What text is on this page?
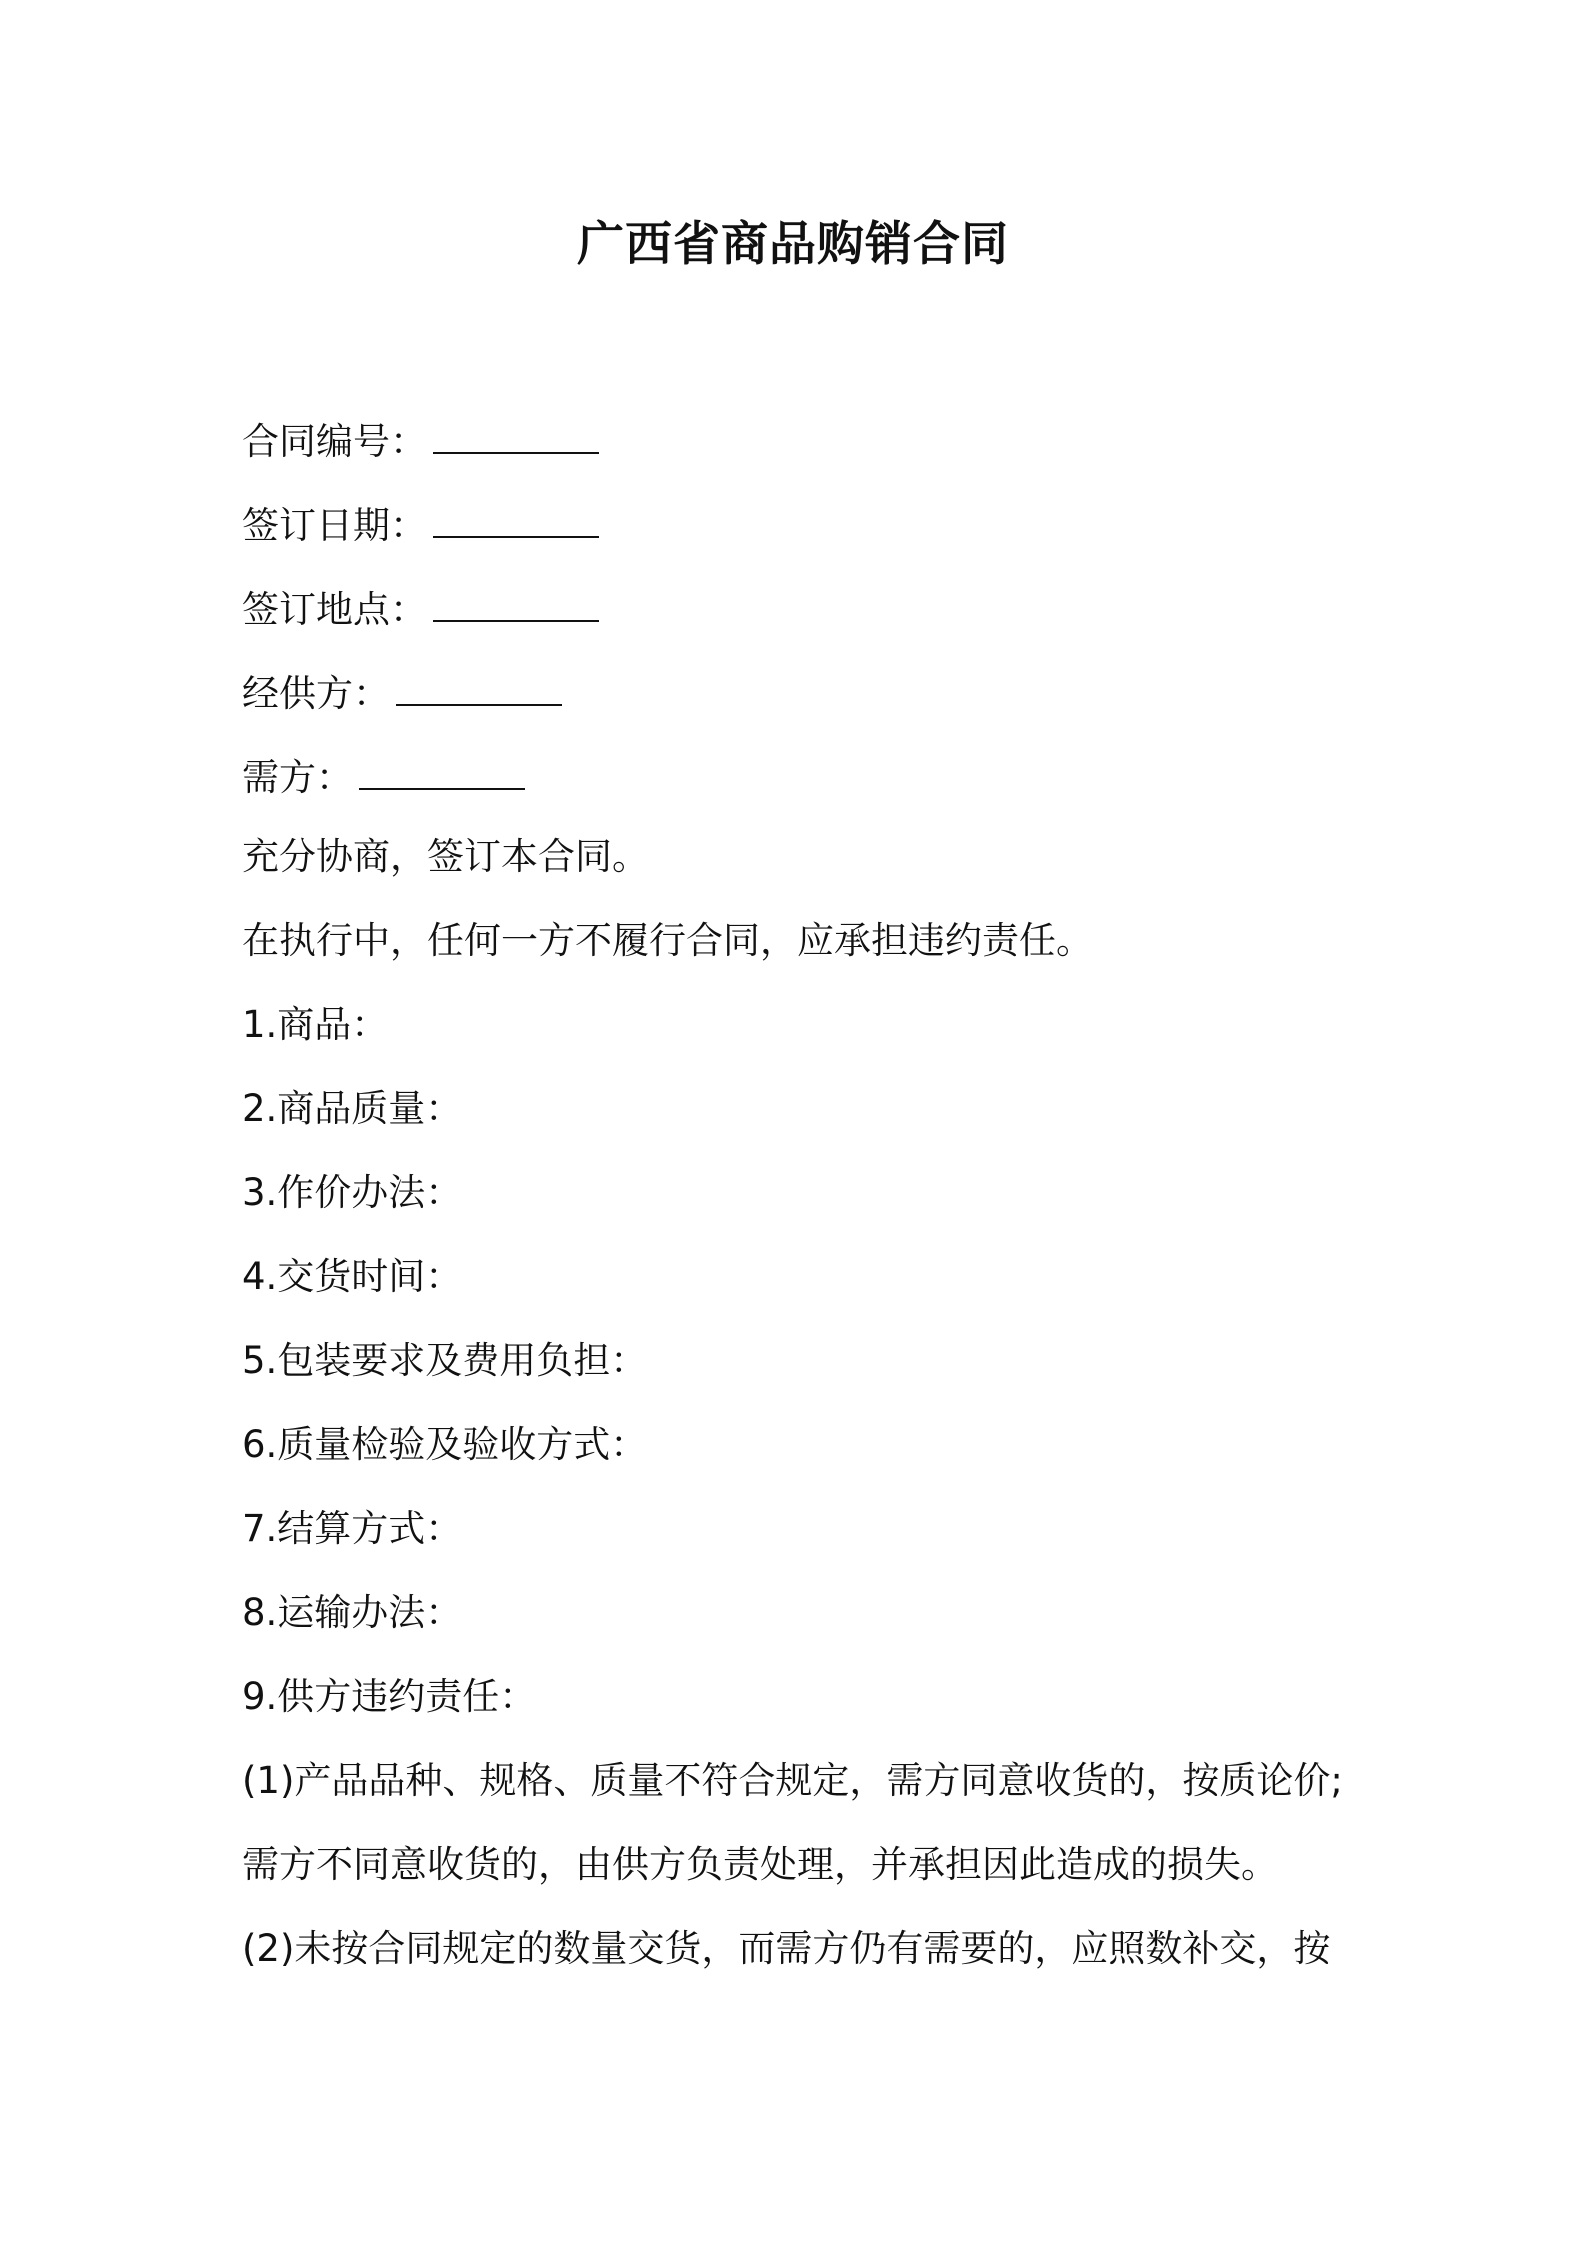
广西省商品购销合同
合同编号：
签订日期：
签订地点：
经供方：
需方：
充分协商，签订本合同。
在执行中，任何一方不履行合同，应承担违约责任。
1.商品：
2.商品质量：
3.作价办法：
4.交货时间：
5.包装要求及费用负担：
6.质量检验及验收方式：
7.结算方式：
8.运输办法：
9.供方违约责任：
(1)产品品种、规格、质量不符合规定，需方同意收货的，按质论价;
需方不同意收货的，由供方负责处理，并承担因此造成的损失。
(2)未按合同规定的数量交货，而需方仍有需要的，应照数补交，按
